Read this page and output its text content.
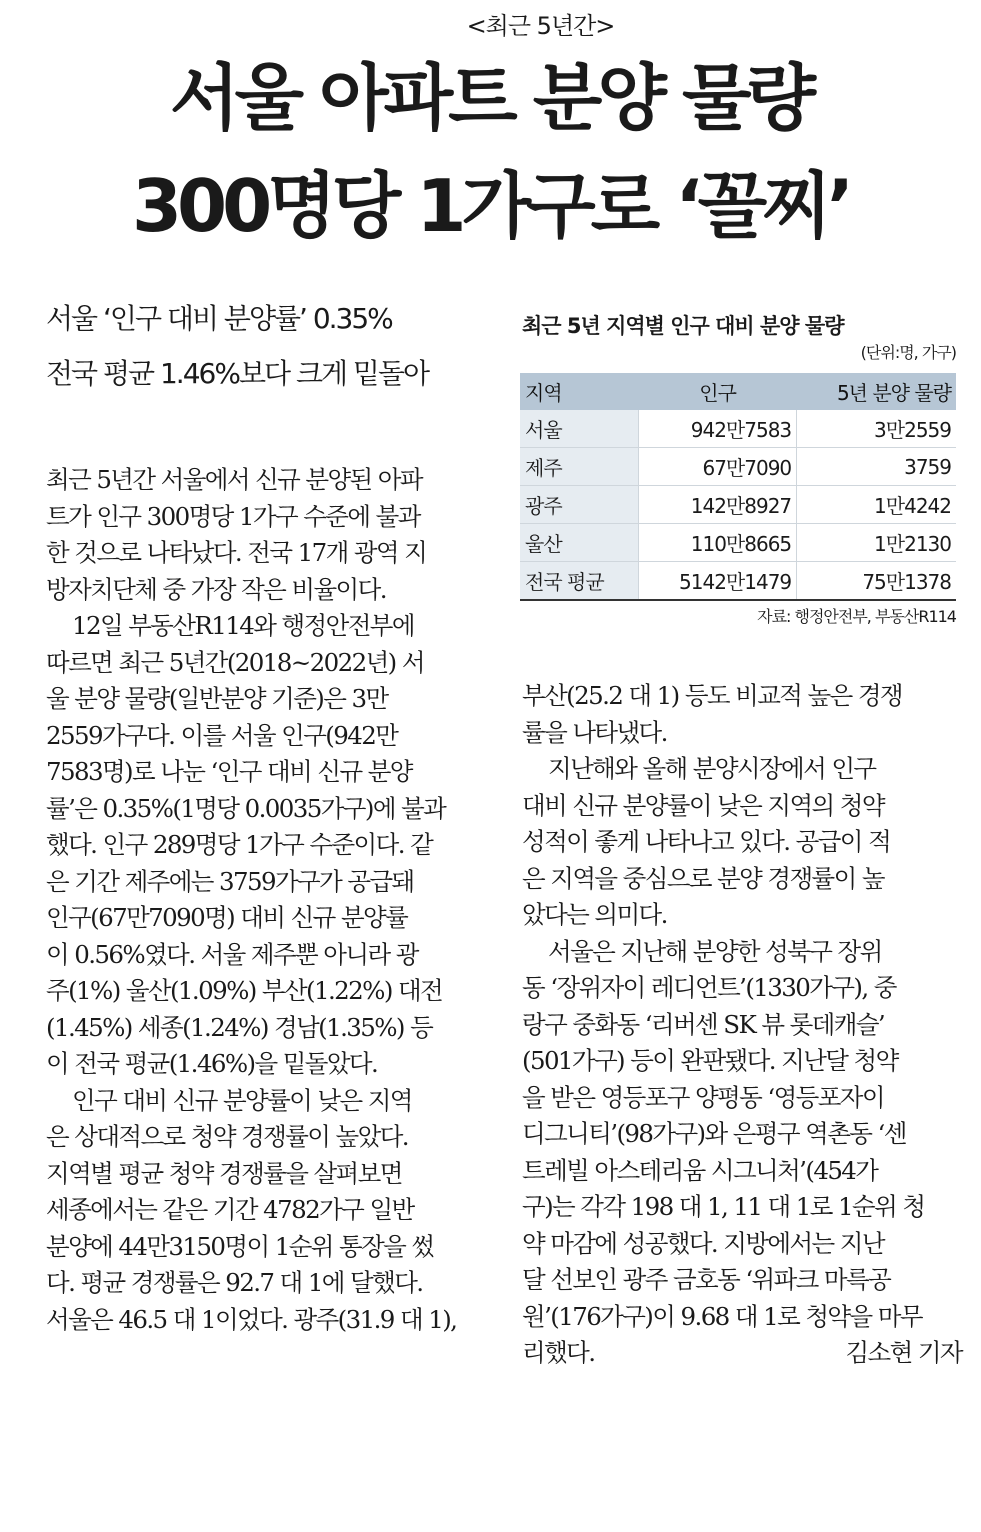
<최근 5년간>
서울 아파트 분양 물량
300명당 1가구로 ‘꼴찌’
서울 ‘인구 대비 분양률’ 0.35%
전국 평균 1.46%보다 크게 밑돌아

최근 5년간 서울에서 신규 분양된 아파

트가 인구 300명당 1가구 수준에 불과

한 것으로 나타났다. 전국 17개 광역 지

방자치단체 중 가장 작은 비율이다.

12일 부동산R114와 행정안전부에

따르면 최근 5년간(2018~2022년) 서

울 분양 물량(일반분양 기준)은 3만

2559가구다. 이를 서울 인구(942만

7583명)로 나눈 ‘인구 대비 신규 분양

률’은 0.35%(1명당 0.0035가구)에 불과

했다. 인구 289명당 1가구 수준이다. 같

은 기간 제주에는 3759가구가 공급돼

인구(67만7090명) 대비 신규 분양률

이 0.56%였다. 서울 제주뿐 아니라 광

주(1%) 울산(1.09%) 부산(1.22%) 대전

(1.45%) 세종(1.24%) 경남(1.35%) 등

이 전국 평균(1.46%)을 밑돌았다.

인구 대비 신규 분양률이 낮은 지역

은 상대적으로 청약 경쟁률이 높았다.

지역별 평균 청약 경쟁률을 살펴보면

세종에서는 같은 기간 4782가구 일반

분양에 44만3150명이 1순위 통장을 썼

다. 평균 경쟁률은 92.7 대 1에 달했다.

서울은 46.5 대 1이었다. 광주(31.9 대 1),

최근 5년 지역별 인구 대비 분양 물량
(단위:명, 가구)
지역	인구	5년 분양 물량
서울	942만7583	3만2559
제주	67만7090	3759
광주	142만8927	1만4242
울산	110만8665	1만2130
전국 평균	5142만1479	75만1378
자료: 행정안전부, 부동산R114

부산(25.2 대 1) 등도 비교적 높은 경쟁

률을 나타냈다.

지난해와 올해 분양시장에서 인구

대비 신규 분양률이 낮은 지역의 청약

성적이 좋게 나타나고 있다. 공급이 적

은 지역을 중심으로 분양 경쟁률이 높

았다는 의미다.

서울은 지난해 분양한 성북구 장위

동 ‘장위자이 레디언트’(1330가구), 중

랑구 중화동 ‘리버센 SK 뷰 롯데캐슬’

(501가구) 등이 완판됐다. 지난달 청약

을 받은 영등포구 양평동 ‘영등포자이

디그니티’(98가구)와 은평구 역촌동 ‘센

트레빌 아스테리움 시그니처’(454가

구)는 각각 198 대 1, 11 대 1로 1순위 청

약 마감에 성공했다. 지방에서는 지난

달 선보인 광주 금호동 ‘위파크 마륵공

원’(176가구)이 9.68 대 1로 청약을 마무

리했다.	김소현 기자
